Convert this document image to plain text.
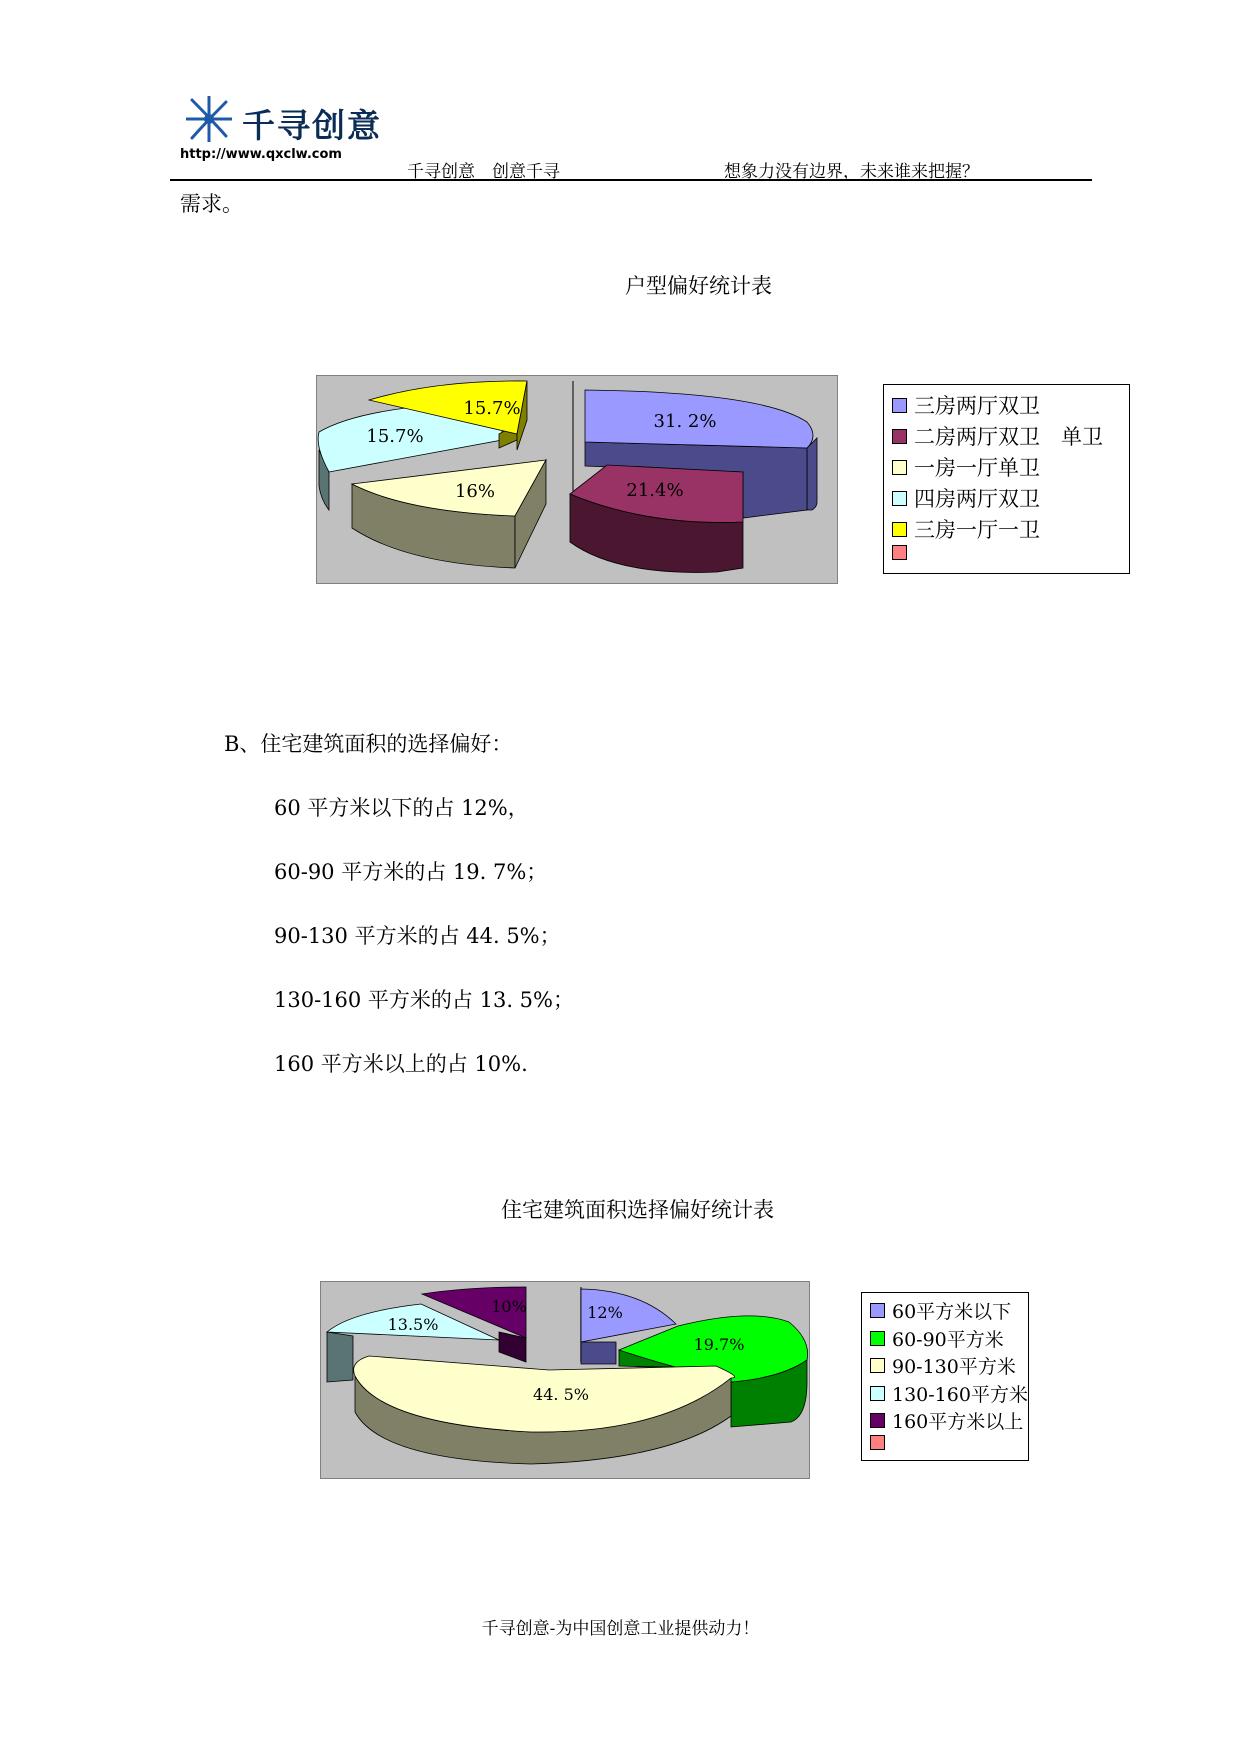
千寻创意
http://www.qxclw.com
千寻创意　创意千寻	想象力没有边界，未来谁来把握？
需求。
户型偏好统计表
31. 2%
21.4%
16%
15.7%
15.7%	三房两厅双卫
二房两厅双卫　单卫
一房一厅单卫
四房两厅双卫
三房一厅一卫
B、住宅建筑面积的选择偏好：
60 平方米以下的占 12%，
60-90 平方米的占 19. 7%；
90-130 平方米的占 44. 5%；
130-160 平方米的占 13. 5%；
160 平方米以上的占 10%.
住宅建筑面积选择偏好统计表
12%
19.7%
44. 5%
13.5%
10%	60平方米以下
60-90平方米
90-130平方米
130-160平方米
160平方米以上
千寻创意-为中国创意工业提供动力！
